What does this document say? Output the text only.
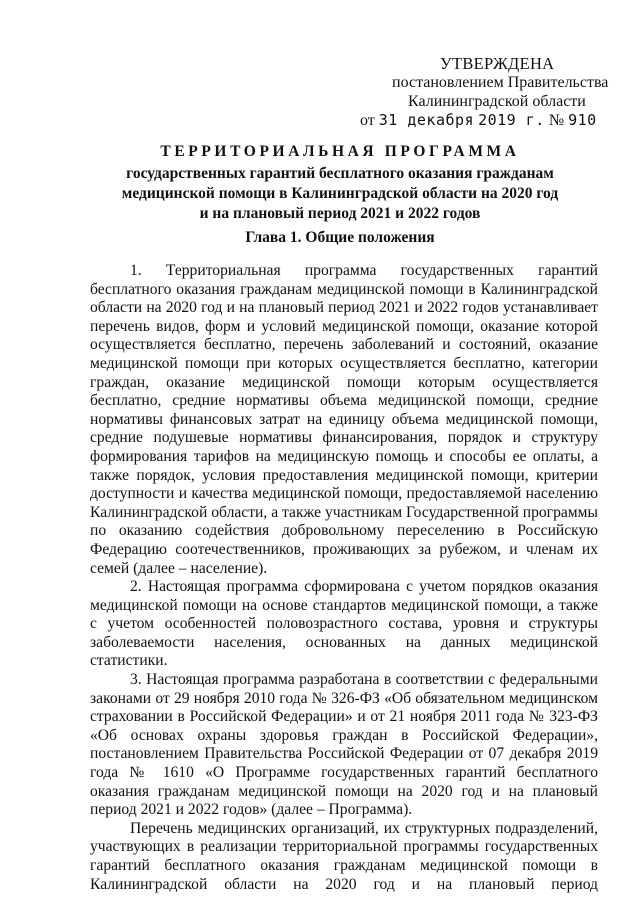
УТВЕРЖДЕНА
постановлением Правительства
Калининградской области
от 31 декабря 2019 г. № 910
ТЕРРИТОРИАЛЬНАЯ ПРОГРАММА
государственных гарантий бесплатного оказания гражданам
медицинской помощи в Калининградской области на 2020 год
и на плановый период 2021 и 2022 годов
Глава 1. Общие положения

1. Территориальная программа государственных гарантий бесплатного оказания гражданам медицинской помощи в Калининградской области на 2020 год и на плановый период 2021 и 2022 годов устанавливает перечень видов, форм и условий медицинской помощи, оказание которой осуществляется бесплатно, перечень заболеваний и состояний, оказание медицинской помощи при которых осуществляется бесплатно, категории граждан, оказание медицинской помощи которым осуществляется бесплатно, средние нормативы объема медицинской помощи, средние нормативы финансовых затрат на единицу объема медицинской помощи, средние подушевые нормативы финансирования, порядок и структуру формирования тарифов на медицинскую помощь и способы ее оплаты, а также порядок, условия предоставления медицинской помощи, критерии доступности и качества медицинской помощи, предоставляемой населению Калининградской области, а также участникам Государственной программы по оказанию содействия добровольному переселению в Российскую Федерацию соотечественников, проживающих за рубежом, и членам их семей (далее – население).

2. Настоящая программа сформирована с учетом порядков оказания медицинской помощи на основе стандартов медицинской помощи, а также с учетом особенностей половозрастного состава, уровня и структуры заболеваемости населения, основанных на данных медицинской статистики.

3. Настоящая программа разработана в соответствии с федеральными законами от 29 ноября 2010 года № 326-ФЗ «Об обязательном медицинском страховании в Российской Федерации» и от 21 ноября 2011 года № 323-ФЗ «Об основах охраны здоровья граждан в Российской Федерации», постановлением Правительства Российской Федерации от 07 декабря 2019 года № 1610 «О Программе государственных гарантий бесплатного оказания гражданам медицинской помощи на 2020 год и на плановый период 2021 и 2022 годов» (далее – Программа).

Перечень медицинских организаций, их структурных подразделений, участвующих в реализации территориальной программы государственных гарантий бесплатного оказания гражданам медицинской помощи в Калининградской области на 2020 год и на плановый период
